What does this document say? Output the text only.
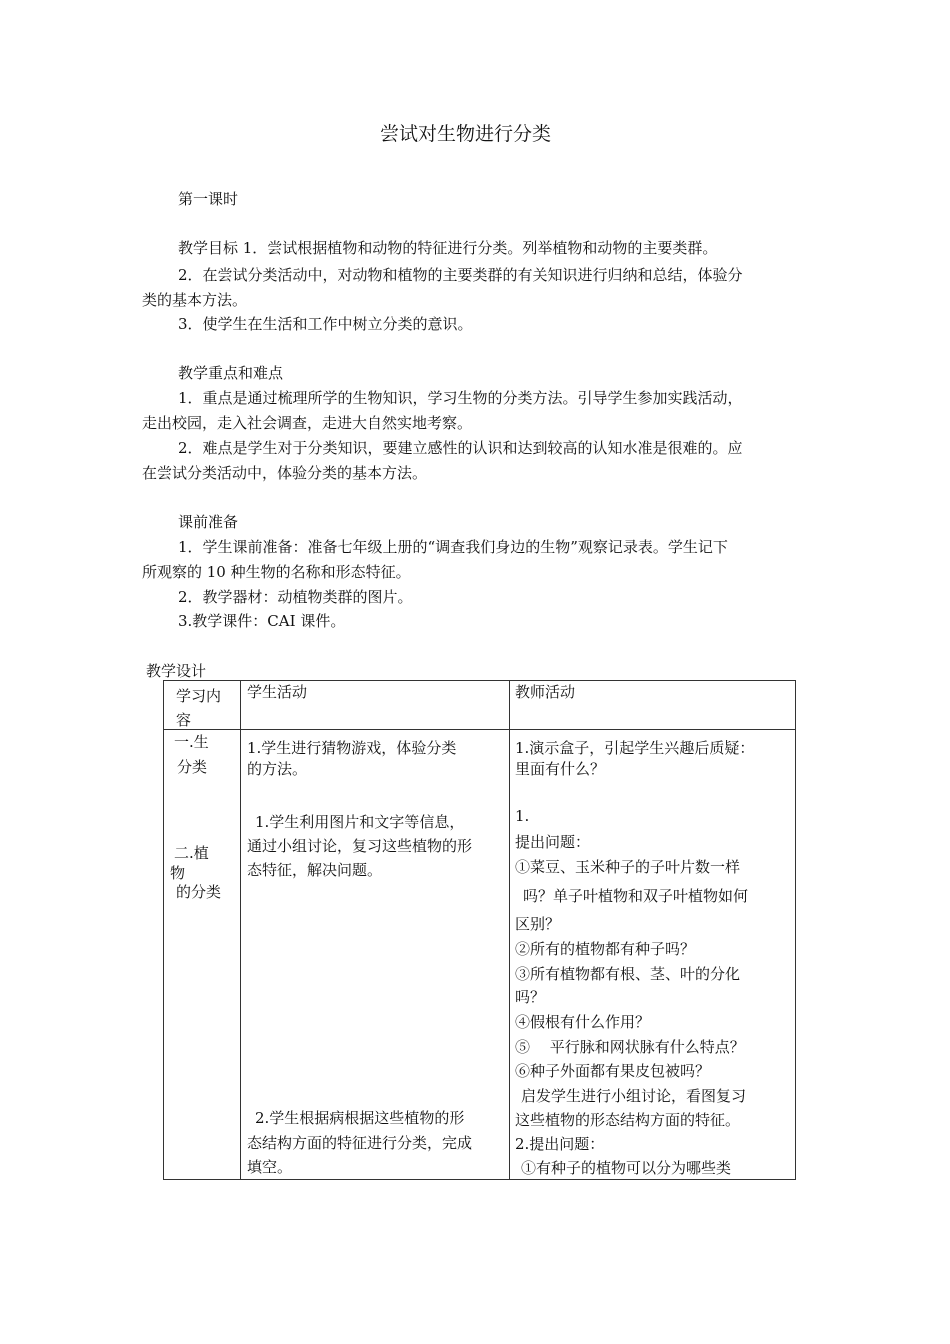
尝试对生物进行分类
第一课时
教学目标 1．尝试根据植物和动物的特征进行分类。列举植物和动物的主要类群。
2．在尝试分类活动中，对动物和植物的主要类群的有关知识进行归纳和总结，体验分
类的基本方法。
3．使学生在生活和工作中树立分类的意识。
教学重点和难点
1．重点是通过梳理所学的生物知识，学习生物的分类方法。引导学生参加实践活动，
走出校园，走入社会调查，走进大自然实地考察。
2．难点是学生对于分类知识，要建立感性的认识和达到较高的认知水准是很难的。应
在尝试分类活动中，体验分类的基本方法。
课前准备
1．学生课前准备：准备七年级上册的“调查我们身边的生物”观察记录表。学生记下
所观察的 10 种生物的名称和形态特征。
2．教学器材：动植物类群的图片。
3.教学课件：CAI 课件。
教学设计
学习内
容
学生活动	教师活动
一.生
分类
二.植
物
的分类
1.学生进行猜物游戏，体验分类
的方法。
1.学生利用图片和文字等信息，
通过小组讨论，复习这些植物的形
态特征，解决问题。
2.学生根据病根据这些植物的形
态结构方面的特征进行分类，完成
填空。
1.演示盒子，引起学生兴趣后质疑：
里面有什么？
1.
提出问题：
①菜豆、玉米种子的子叶片数一样
吗？单子叶植物和双子叶植物如何
区别？
②所有的植物都有种子吗？
③所有植物都有根、茎、叶的分化
吗？
④假根有什么作用？
⑤　 平行脉和网状脉有什么特点？
⑥种子外面都有果皮包被吗？
启发学生进行小组讨论，看图复习
这些植物的形态结构方面的特征。
2.提出问题：
①有种子的植物可以分为哪些类
